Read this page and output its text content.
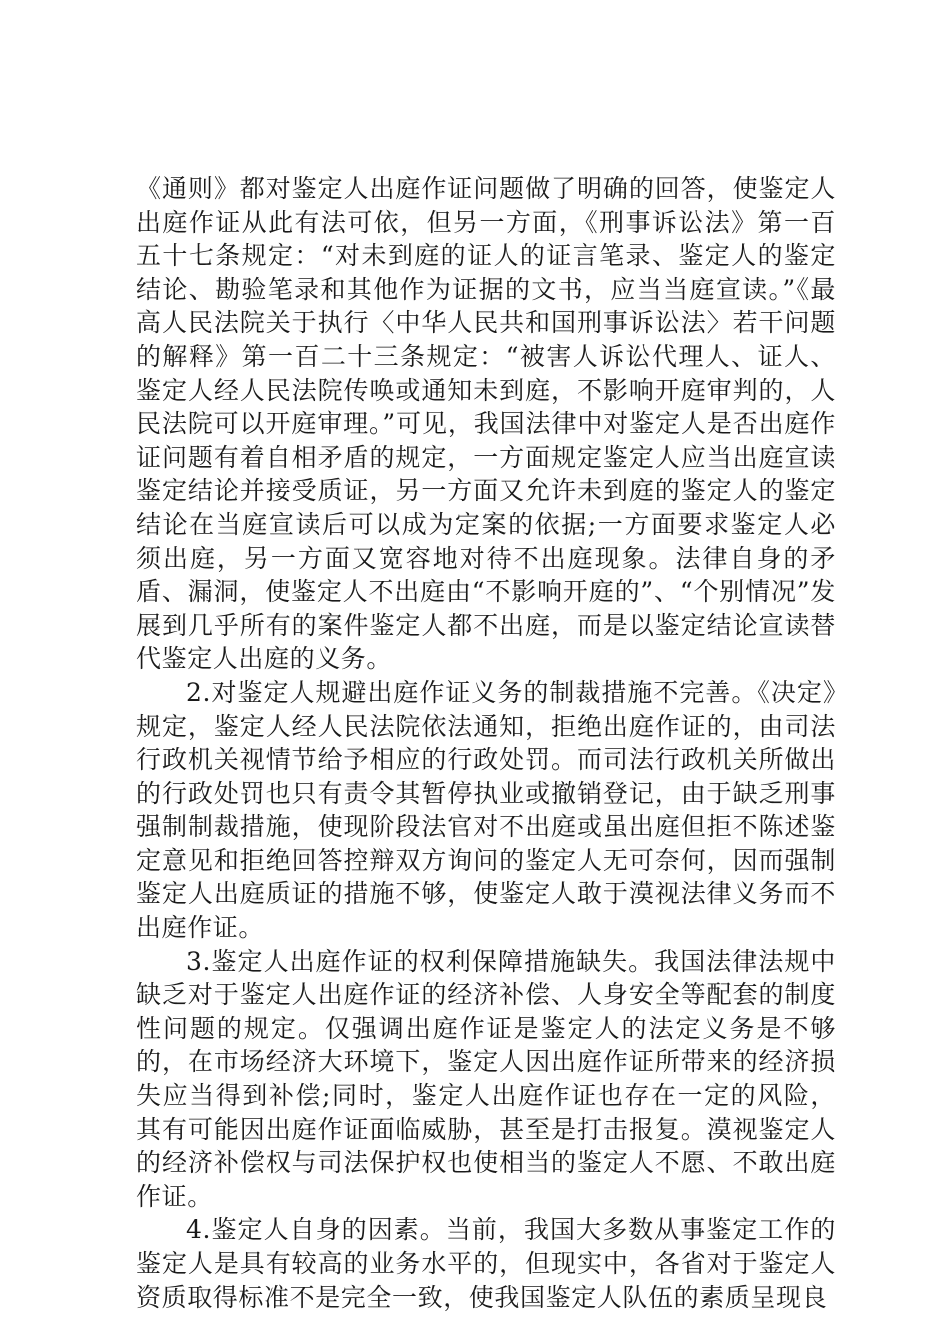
《通则》都对鉴定人出庭作证问题做了明确的回答，使鉴定人出庭作证从此有法可依，但另一方面，《刑事诉讼法》第一百五十七条规定：“对未到庭的证人的证言笔录、鉴定人的鉴定结论、勘验笔录和其他作为证据的文书，应当当庭宣读。”《最高人民法院关于执行〈中华人民共和国刑事诉讼法〉若干问题的解释》第一百二十三条规定：“被害人诉讼代理人、证人、鉴定人经人民法院传唤或通知未到庭，不影响开庭审判的，人民法院可以开庭审理。”可见，我国法律中对鉴定人是否出庭作证问题有着自相矛盾的规定，一方面规定鉴定人应当出庭宣读鉴定结论并接受质证，另一方面又允许未到庭的鉴定人的鉴定结论在当庭宣读后可以成为定案的依据;一方面要求鉴定人必须出庭，另一方面又宽容地对待不出庭现象。法律自身的矛盾、漏洞，使鉴定人不出庭由“不影响开庭的”、“个别情况”发展到几乎所有的案件鉴定人都不出庭，而是以鉴定结论宣读替代鉴定人出庭的义务。

2.对鉴定人规避出庭作证义务的制裁措施不完善。《决定》规定，鉴定人经人民法院依法通知，拒绝出庭作证的，由司法行政机关视情节给予相应的行政处罚。而司法行政机关所做出的行政处罚也只有责令其暂停执业或撤销登记，由于缺乏刑事强制制裁措施，使现阶段法官对不出庭或虽出庭但拒不陈述鉴定意见和拒绝回答控辩双方询问的鉴定人无可奈何，因而强制鉴定人出庭质证的措施不够，使鉴定人敢于漠视法律义务而不出庭作证。

3.鉴定人出庭作证的权利保障措施缺失。我国法律法规中缺乏对于鉴定人出庭作证的经济补偿、人身安全等配套的制度性问题的规定。仅强调出庭作证是鉴定人的法定义务是不够的，在市场经济大环境下，鉴定人因出庭作证所带来的经济损失应当得到补偿;同时，鉴定人出庭作证也存在一定的风险，其有可能因出庭作证面临威胁，甚至是打击报复。漠视鉴定人的经济补偿权与司法保护权也使相当的鉴定人不愿、不敢出庭作证。

4.鉴定人自身的因素。当前，我国大多数从事鉴定工作的鉴定人是具有较高的业务水平的，但现实中，各省对于鉴定人资质取得标准不是完全一致，使我国鉴定人队伍的素质呈现良
